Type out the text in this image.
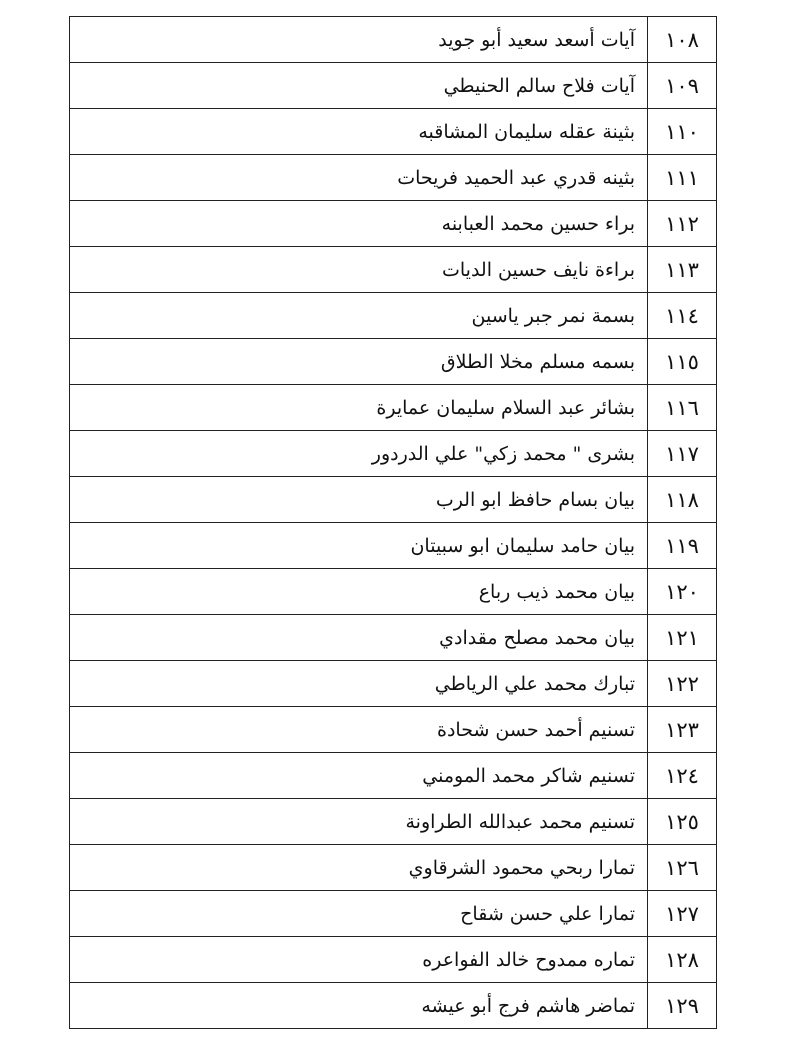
١٠٨	آيات أسعد سعيد أبو جويد
١٠٩	آيات فلاح سالم الحنيطي
١١٠	بثينة عقله سليمان المشاقبه
١١١	بثينه قدري عبد الحميد فريحات
١١٢	براء حسين محمد العبابنه
١١٣	براءة نايف حسين الديات
١١٤	بسمة نمر جبر ياسين
١١٥	بسمه مسلم مخلا الطلاق
١١٦	بشائر عبد السلام سليمان عمايرة
١١٧	بشرى " محمد زكي" علي الدردور
١١٨	بيان بسام حافظ ابو الرب
١١٩	بيان حامد سليمان ابو سبيتان
١٢٠	بيان محمد ذيب رباع
١٢١	بيان محمد مصلح مقدادي
١٢٢	تبارك محمد علي الرياطي
١٢٣	تسنيم أحمد حسن شحادة
١٢٤	تسنيم شاكر محمد المومني
١٢٥	تسنيم محمد عبدالله الطراونة
١٢٦	تمارا ربحي محمود الشرقاوي
١٢٧	تمارا علي حسن شقاح
١٢٨	تماره ممدوح خالد الفواعره
١٢٩	تماضر هاشم فرج أبو عيشه
